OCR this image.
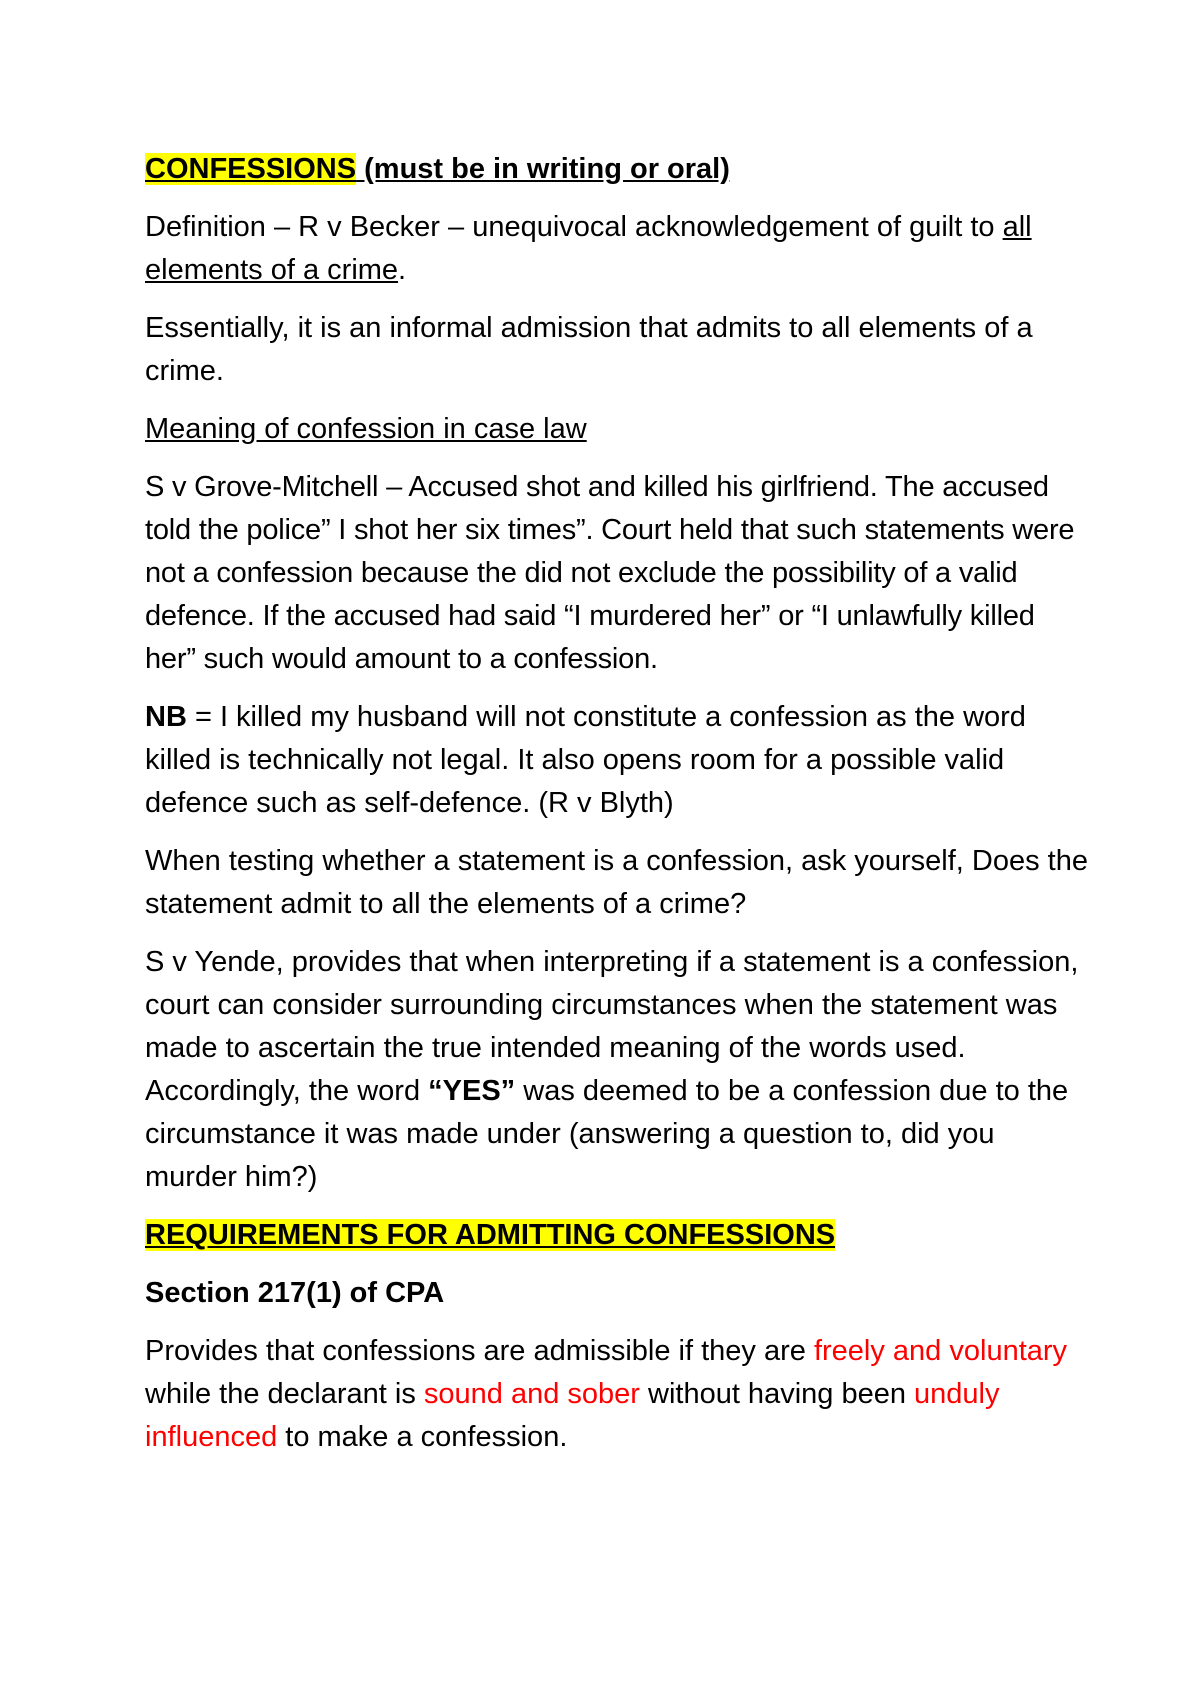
CONFESSIONS (must be in writing or oral)

Definition – R v Becker – unequivocal acknowledgement of guilt to all elements of a crime.

Essentially, it is an informal admission that admits to all elements of a crime.

Meaning of confession in case law

S v Grove-Mitchell – Accused shot and killed his girlfriend. The accused told the police” I shot her six times”. Court held that such statements were not a confession because the did not exclude the possibility of a valid defence. If the accused had said “I murdered her” or “I unlawfully killed her” such would amount to a confession.

NB = I killed my husband will not constitute a confession as the word killed is technically not legal. It also opens room for a possible valid defence such as self-defence. (R v Blyth)

When testing whether a statement is a confession, ask yourself, Does the statement admit to all the elements of a crime?

S v Yende, provides that when interpreting if a statement is a confession, court can consider surrounding circumstances when the statement was made to ascertain the true intended meaning of the words used. Accordingly, the word “YES” was deemed to be a confession due to the circumstance it was made under (answering a question to, did you murder him?)

REQUIREMENTS FOR ADMITTING CONFESSIONS

Section 217(1) of CPA

Provides that confessions are admissible if they are freely and voluntary while the declarant is sound and sober without having been unduly influenced to make a confession.
